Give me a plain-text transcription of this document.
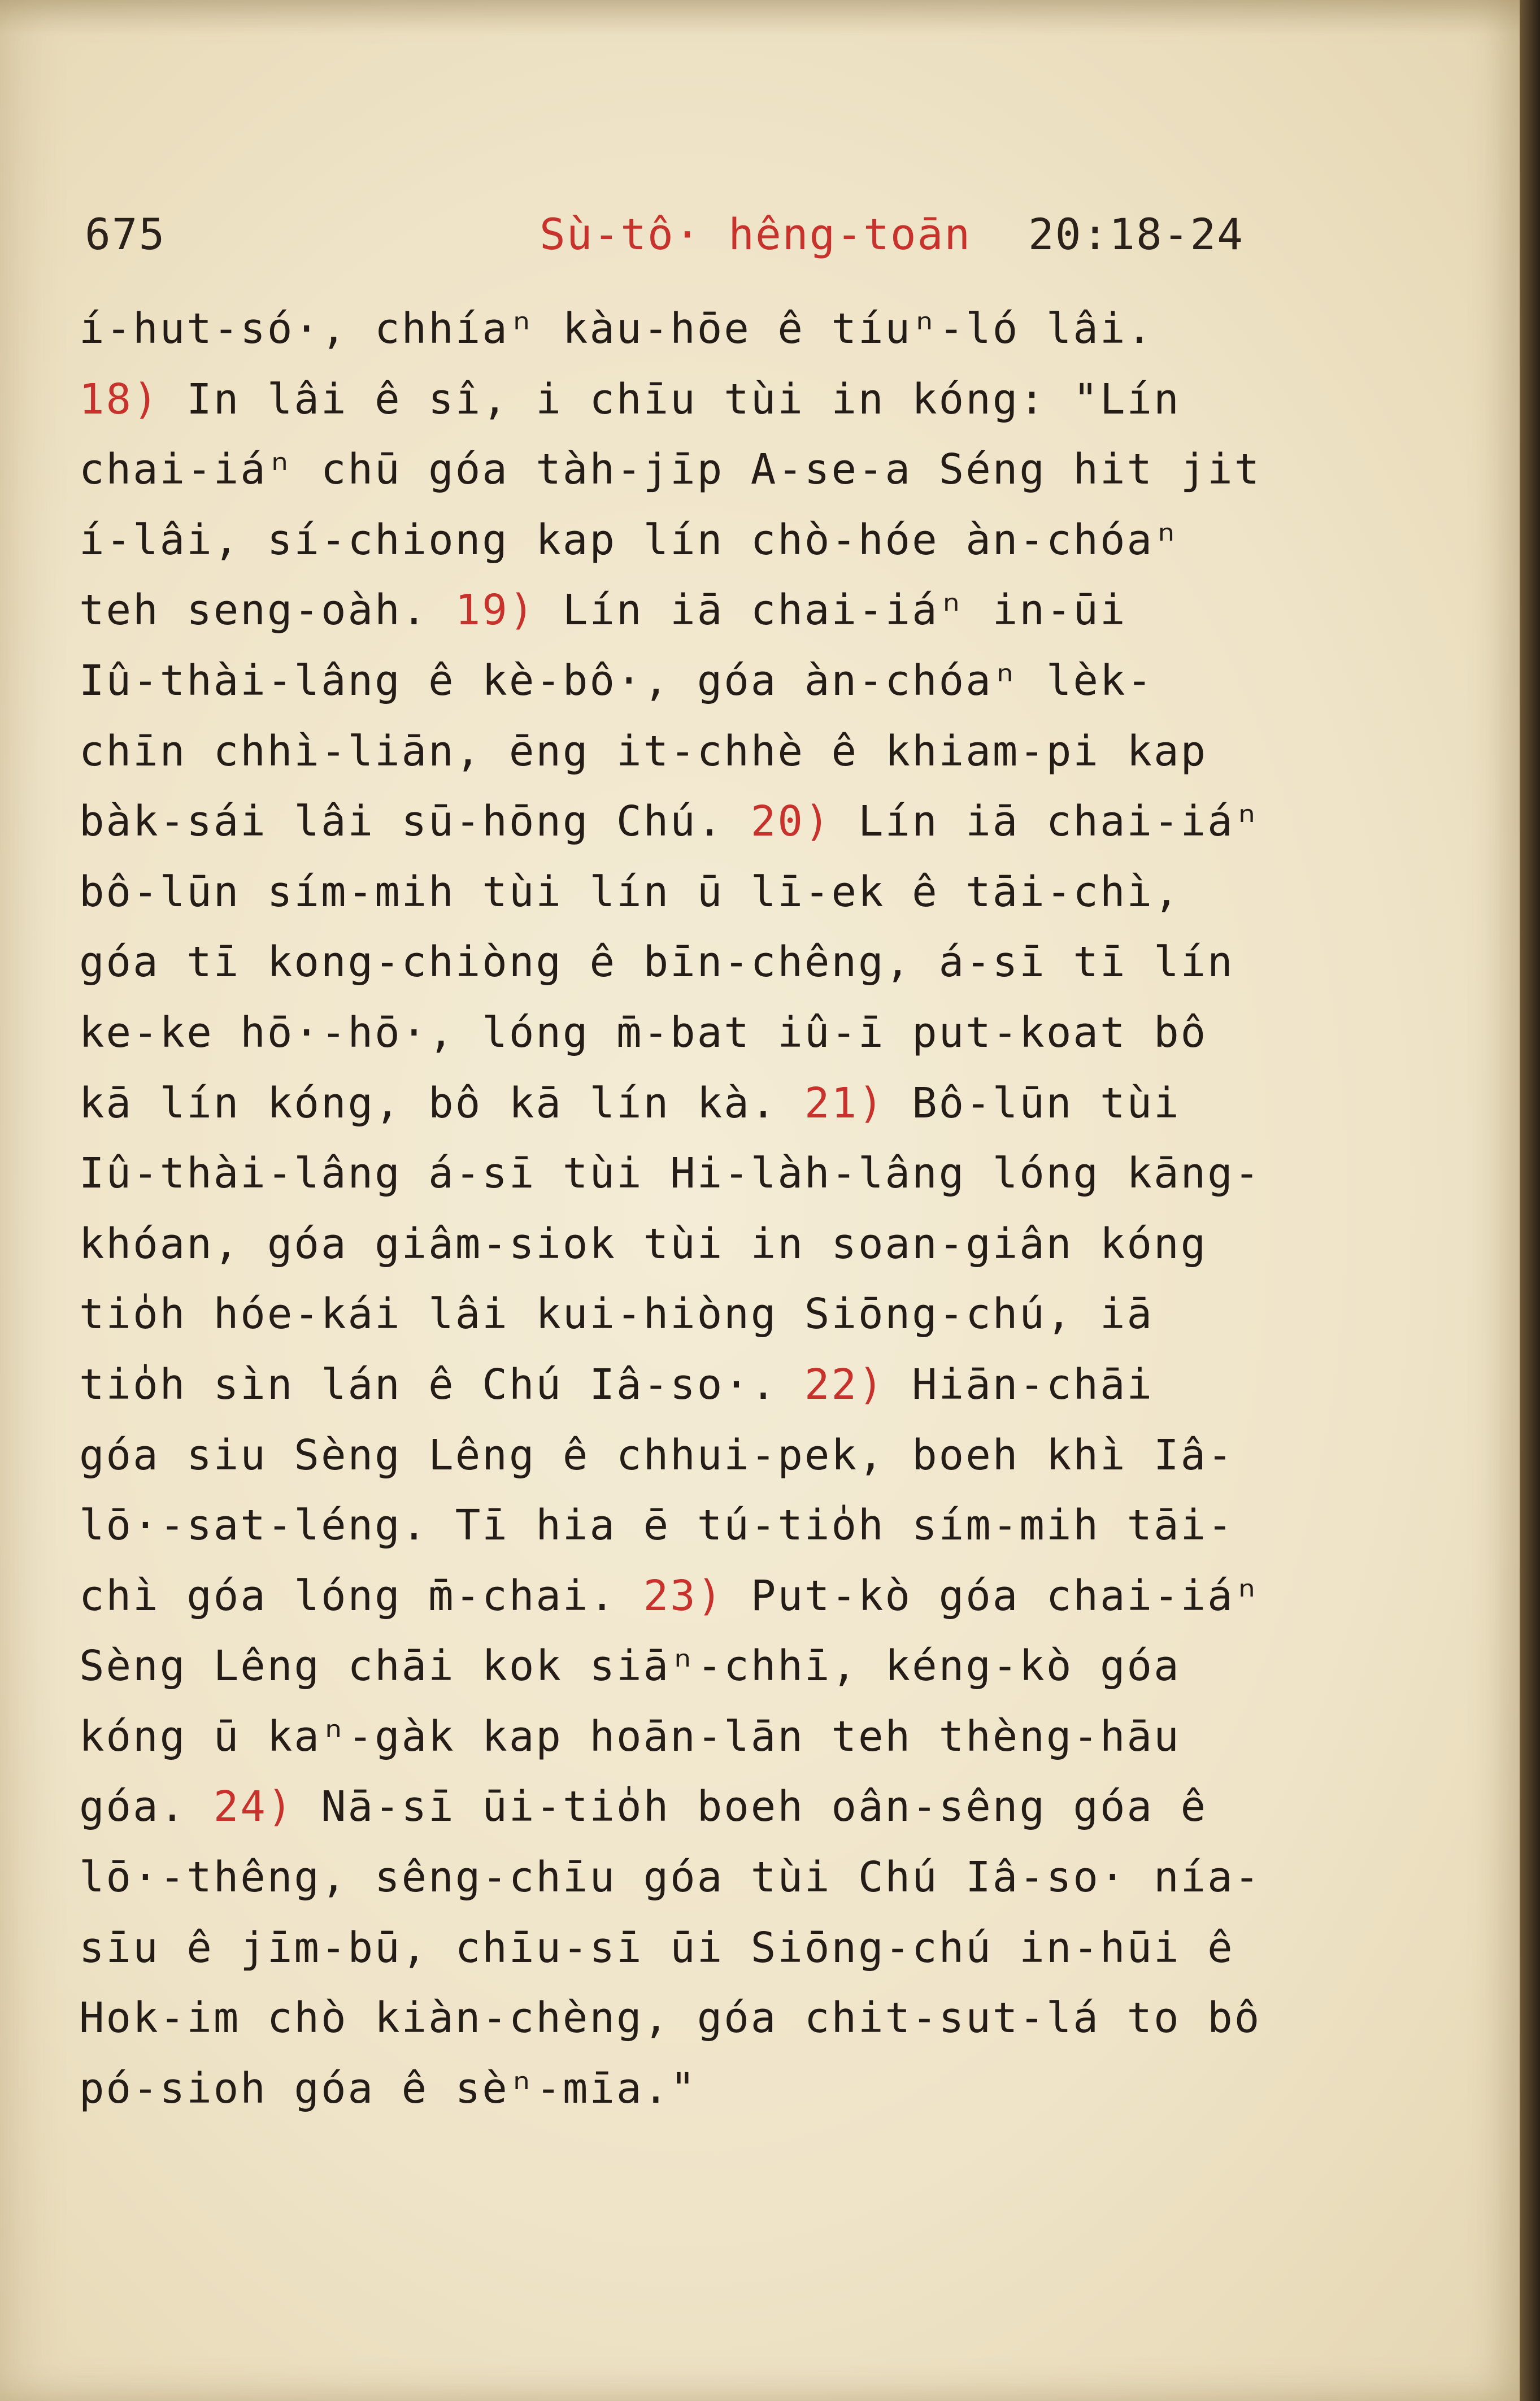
675	Sù-tô· hêng-toān 20:18-24
í-hut-só·, chhíaⁿ kàu-hōe ê tíuⁿ-ló lâi.
18) In lâi ê sî, i chīu tùi in kóng: "Lín
chai-iáⁿ chū góa tàh-jīp A-se-a Séng hit jit
í-lâi, sí-chiong kap lín chò-hóe àn-chóaⁿ
teh seng-oàh. 19) Lín iā chai-iáⁿ in-ūi
Iû-thài-lâng ê kè-bô·, góa àn-chóaⁿ lèk-
chīn chhì-liān, ēng it-chhè ê khiam-pi kap
bàk-sái lâi sū-hōng Chú. 20) Lín iā chai-iáⁿ
bô-lūn sím-mih tùi lín ū lī-ek ê tāi-chì,
góa tī kong-chiòng ê bīn-chêng, á-sī tī lín
ke-ke hō·-hō·, lóng m̄-bat iû-ī put-koat bô
kā lín kóng, bô kā lín kà. 21) Bô-lūn tùi
Iû-thài-lâng á-sī tùi Hi-làh-lâng lóng kāng-
khóan, góa giâm-siok tùi in soan-giân kóng
tio̍h hóe-kái lâi kui-hiòng Siōng-chú, iā
tio̍h sìn lán ê Chú Iâ-so·. 22) Hiān-chāi
góa siu Sèng Lêng ê chhui-pek, boeh khì Iâ-
lō·-sat-léng. Tī hia ē tú-tio̍h sím-mih tāi-
chì góa lóng m̄-chai. 23) Put-kò góa chai-iáⁿ
Sèng Lêng chāi kok siāⁿ-chhī, kéng-kò góa
kóng ū kaⁿ-gàk kap hoān-lān teh thèng-hāu
góa. 24) Nā-sī ūi-tio̍h boeh oân-sêng góa ê
lō·-thêng, sêng-chīu góa tùi Chú Iâ-so· nía-
sīu ê jīm-bū, chīu-sī ūi Siōng-chú in-hūi ê
Hok-im chò kiàn-chèng, góa chit-sut-lá to bô
pó-sioh góa ê sèⁿ-mīa."
